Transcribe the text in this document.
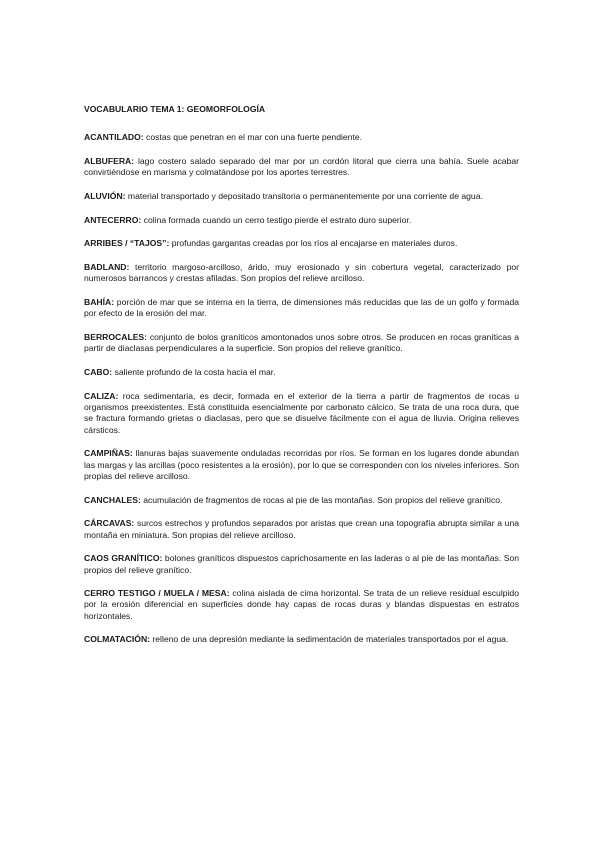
VOCABULARIO TEMA 1: GEOMORFOLOGÍA

ACANTILADO: costas que penetran en el mar con una fuerte pendiente.

ALBUFERA: lago costero salado separado del mar por un cordón litoral que cierra una bahía. Suele acabar convirtiéndose en marisma y colmatándose por los aportes terrestres.

ALUVIÓN: material transportado y depositado transitoria o permanentemente por una corriente de agua.

ANTECERRO: colina formada cuando un cerro testigo pierde el estrato duro superior.

ARRIBES / “TAJOS”: profundas gargantas creadas por los ríos al encajarse en materiales duros.

BADLAND: territorio margoso-arcilloso, árido, muy erosionado y sin cobertura vegetal, caracterizado por numerosos barrancos y crestas afiladas. Son propios del relieve arcilloso.

BAHÍA: porción de mar que se interna en la tierra, de dimensiones más reducidas que las de un golfo y formada por efecto de la erosión del mar.

BERROCALES: conjunto de bolos graníticos amontonados unos sobre otros. Se producen en rocas graníticas a partir de diaclasas perpendiculares a la superficie. Son propios del relieve granítico.

CABO: saliente profundo de la costa hacia el mar.

CALIZA: roca sedimentaria, es decir, formada en el exterior de la tierra a partir de fragmentos de rocas u organismos preexistentes. Está constituida esencialmente por carbonato cálcico. Se trata de una roca dura, que se fractura formando grietas o diaclasas, pero que se disuelve fácilmente con el agua de lluvia. Origina relieves cársticos.

CAMPIÑAS: llanuras bajas suavemente onduladas recorridas por ríos. Se forman en los lugares donde abundan las margas y las arcillas (poco resistentes a la erosión), por lo que se corresponden con los niveles inferiores. Son propias del relieve arcilloso.

CANCHALES: acumulación de fragmentos de rocas al pie de las montañas. Son propios del relieve granítico.

CÁRCAVAS: surcos estrechos y profundos separados por aristas que crean una topografía abrupta similar a una montaña en miniatura. Son propias del relieve arcilloso.

CAOS GRANÍTICO: bolones graníticos dispuestos caprichosamente en las laderas o al pie de las montañas. Son propios del relieve granítico.

CERRO TESTIGO / MUELA / MESA: colina aislada de cima horizontal. Se trata de un relieve residual esculpido por la erosión diferencial en superficies donde hay capas de rocas duras y blandas dispuestas en estratos horizontales.

COLMATACIÓN: relleno de una depresión mediante la sedimentación de materiales transportados por el agua.
